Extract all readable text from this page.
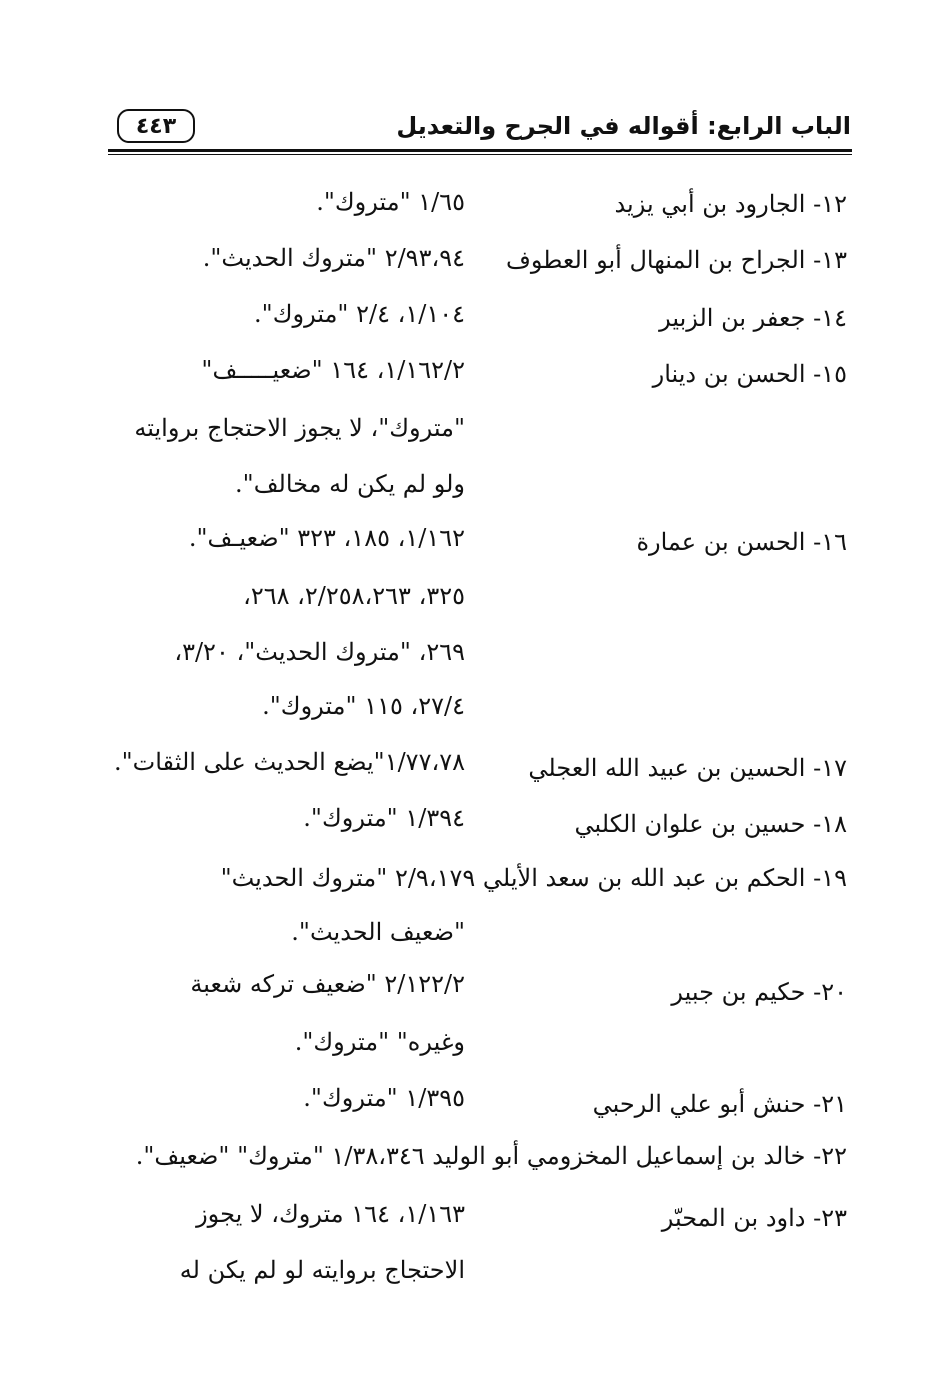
الباب الرابع: أقواله في الجرح والتعديل
٤٤٣
١٢- الجارود بن أبي يزيد
١/٦٥ "متروك".
١٣- الجراح بن المنهال أبو العطوف
٢/٩٣،٩٤ "متروك الحديث".
١٤- جعفر بن الزبير
١/١٠٤، ٢/٤ "متروك".
١٥- الحسن بن دينار
١/١٦٢/٢، ١٦٤ "ضعيـــــف"
"متروك"، لا يجوز الاحتجاج بروايته
ولو لم يكن له مخالف".
١٦- الحسن بن عمارة
١/١٦٢، ١٨٥، ٣٢٣ "ضعيـف".
٣٢٥، ٢/٢٥٨،٢٦٣، ٢٦٨،
٢٦٩، "متروك الحديث"، ٣/٢٠،
٢٧/٤، ١١٥ "متروك".
١٧- الحسين بن عبيد الله العجلي
١/٧٧،٧٨"يضع الحديث على الثقات".
١٨- حسين بن علوان الكلبي
١/٣٩٤ "متروك".
١٩- الحكم بن عبد الله بن سعد الأيلي ٢/٩،١٧٩ "متروك الحديث"
"ضعيف الحديث".
٢٠- حكيم بن جبير
٢/١٢٢/٢ "ضعيف تركه شعبة
وغيره" "متروك".
٢١- حنش أبو علي الرحبي
١/٣٩٥ "متروك".
٢٢- خالد بن إسماعيل المخزومي أبو الوليد ١/٣٨،٣٤٦ "متروك" "ضعيف".
٢٣- داود بن المحبّر
١/١٦٣، ١٦٤ متروك، لا يجوز
الاحتجاج بروايته لو لم يكن له
